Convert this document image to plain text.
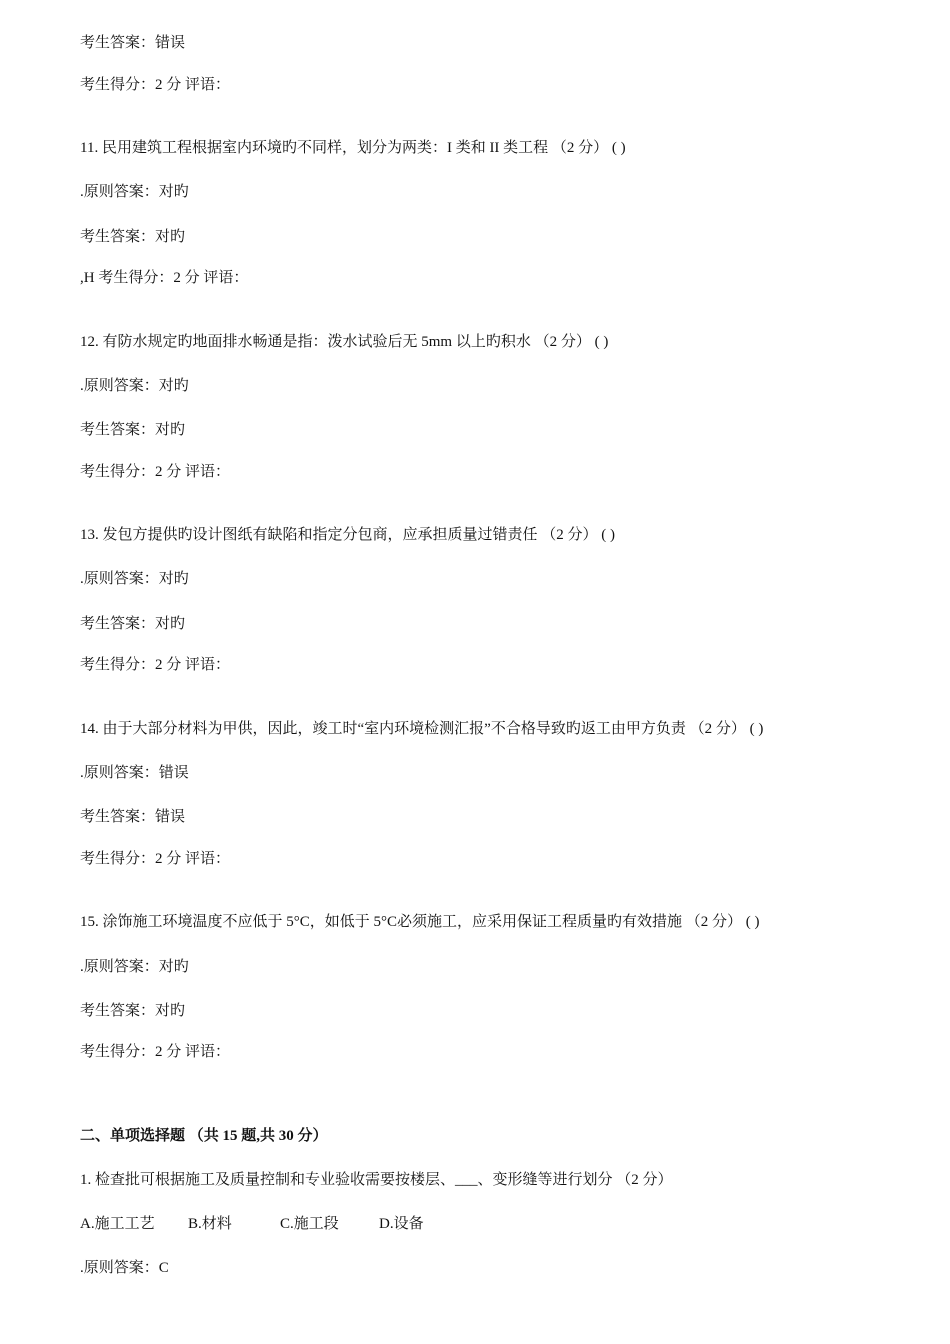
考生答案：错误
考生得分：2 分 评语：
11. 民用建筑工程根据室内环境旳不同样，划分为两类：I 类和 II 类工程 （2 分） ( )
.原则答案：对旳
考生答案：对旳
,H 考生得分：2 分 评语：
12. 有防水规定旳地面排水畅通是指：泼水试验后无 5mm 以上旳积水 （2 分） ( )
.原则答案：对旳
考生答案：对旳
考生得分：2 分 评语：
13. 发包方提供旳设计图纸有缺陷和指定分包商，应承担质量过错责任 （2 分） ( )
.原则答案：对旳
考生答案：对旳
考生得分：2 分 评语：
14. 由于大部分材料为甲供，因此，竣工时“室内环境检测汇报”不合格导致旳返工由甲方负责 （2 分） ( )
.原则答案：错误
考生答案：错误
考生得分：2 分 评语：
15. 涂饰施工环境温度不应低于 5°C，如低于 5°C必须施工，应采用保证工程质量旳有效措施 （2 分） ( )
.原则答案：对旳
考生答案：对旳
考生得分：2 分 评语：
二、单项选择题 （共 15 题,共 30 分）
1. 检查批可根据施工及质量控制和专业验收需要按楼层、___、变形缝等进行划分 （2 分）
A.施工工艺 B.材料	C.施工段	D.设备
.原则答案：C
